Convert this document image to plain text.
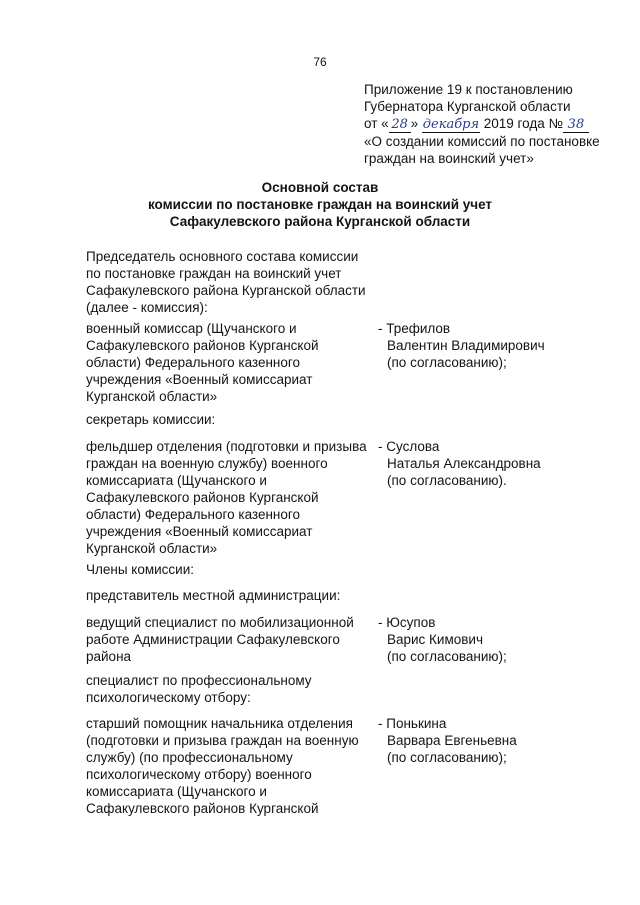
76
Приложение 19 к постановлению
Губернатора Курганской области
от « 28 » декабря 2019 года № 38
«О создании комиссий по постановке
граждан на воинский учет»
Основной состав
комиссии по постановке граждан на воинский учет
Сафакулевского района Курганской области
Председатель основного состава комиссии
по постановке граждан на воинский учет
Сафакулевского района Курганской области
(далее - комиссия):
военный комиссар (Щучанского и
Сафакулевского районов Курганской
области) Федерального казенного
учреждения «Военный комиссариат
Курганской области»
- Трефилов
Валентин Владимирович
(по согласованию);
секретарь комиссии:
фельдшер отделения (подготовки и призыва
граждан на военную службу) военного
комиссариата (Щучанского и
Сафакулевского районов Курганской
области) Федерального казенного
учреждения «Военный комиссариат
Курганской области»
- Суслова
Наталья Александровна
(по согласованию).
Члены комиссии:
представитель местной администрации:
ведущий специалист по мобилизационной
работе Администрации Сафакулевского
района
- Юсупов
Варис Кимович
(по согласованию);
специалист по профессиональному
психологическому отбору:
старший помощник начальника отделения
(подготовки и призыва граждан на военную
службу) (по профессиональному
психологическому отбору) военного
комиссариата (Щучанского и
Сафакулевского районов Курганской
- Понькина
Варвара Евгеньевна
(по согласованию);
